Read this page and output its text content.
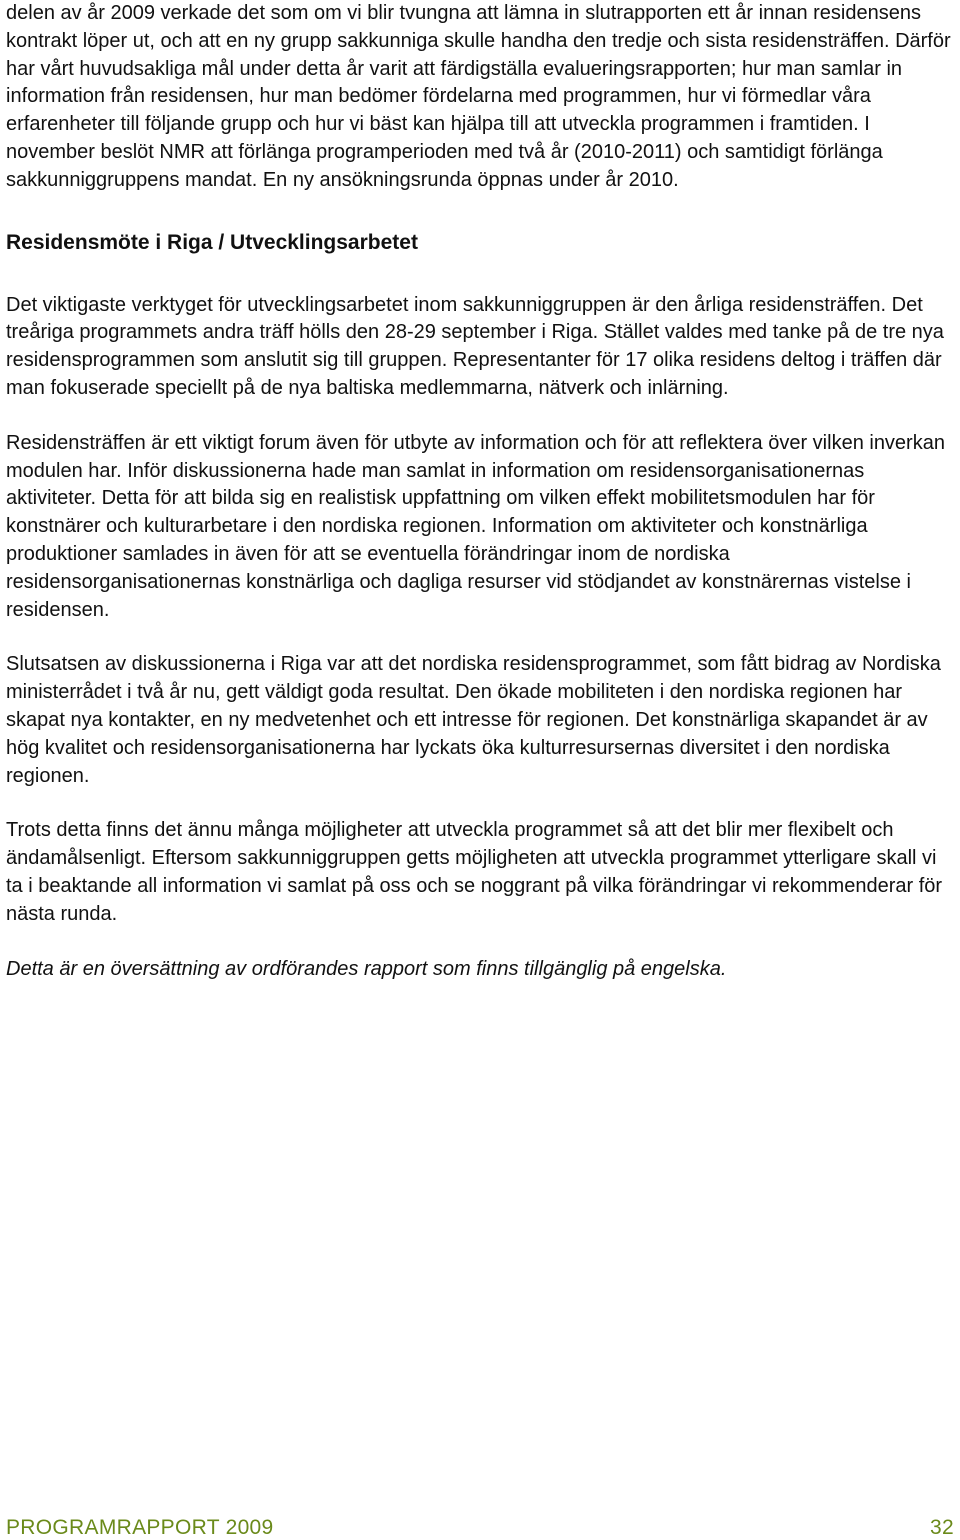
delen av år 2009 verkade det som om vi blir tvungna att lämna in slutrapporten ett år innan residensens kontrakt löper ut, och att en ny grupp sakkunniga skulle handha den tredje och sista residensträffen. Därför har vårt huvudsakliga mål under detta år varit att färdigställa evalueringsrapporten; hur man samlar in information från residensen, hur man bedömer fördelarna med programmen, hur vi förmedlar våra erfarenheter till följande grupp och hur vi bäst kan hjälpa till att utveckla programmen i framtiden. I november beslöt NMR att förlänga programperioden med två år (2010-2011) och samtidigt förlänga sakkunniggruppens mandat. En ny ansökningsrunda öppnas under år 2010.

Residensmöte i Riga / Utvecklingsarbetet

Det viktigaste verktyget för utvecklingsarbetet inom sakkunniggruppen är den årliga residensträffen. Det treåriga programmets andra träff hölls den 28-29 september i Riga. Stället valdes med tanke på de tre nya residensprogrammen som anslutit sig till gruppen. Representanter för 17 olika residens deltog i träffen där man fokuserade speciellt på de nya baltiska medlemmarna, nätverk och inlärning.

Residensträffen är ett viktigt forum även för utbyte av information och för att reflektera över vilken inverkan modulen har. Inför diskussionerna hade man samlat in information om residensorganisationernas aktiviteter. Detta för att bilda sig en realistisk uppfattning om vilken effekt mobilitetsmodulen har för konstnärer och kulturarbetare i den nordiska regionen. Information om aktiviteter och konstnärliga produktioner samlades in även för att se eventuella förändringar inom de nordiska residensorganisationernas konstnärliga och dagliga resurser vid stödjandet av konstnärernas vistelse i residensen.

Slutsatsen av diskussionerna i Riga var att det nordiska residensprogrammet, som fått bidrag av Nordiska ministerrådet i två år nu, gett väldigt goda resultat. Den ökade mobiliteten i den nordiska regionen har skapat nya kontakter, en ny medvetenhet och ett intresse för regionen. Det konstnärliga skapandet är av hög kvalitet och residensorganisationerna har lyckats öka kulturresursernas diversitet i den nordiska regionen.

Trots detta finns det ännu många möjligheter att utveckla programmet så att det blir mer flexibelt och ändamålsenligt. Eftersom sakkunniggruppen getts möjligheten att utveckla programmet ytterligare skall vi ta i beaktande all information vi samlat på oss och se noggrant på vilka förändringar vi rekommenderar för nästa runda.

Detta är en översättning av ordförandes rapport som finns tillgänglig på engelska.

PROGRAMRAPPORT 2009	32
